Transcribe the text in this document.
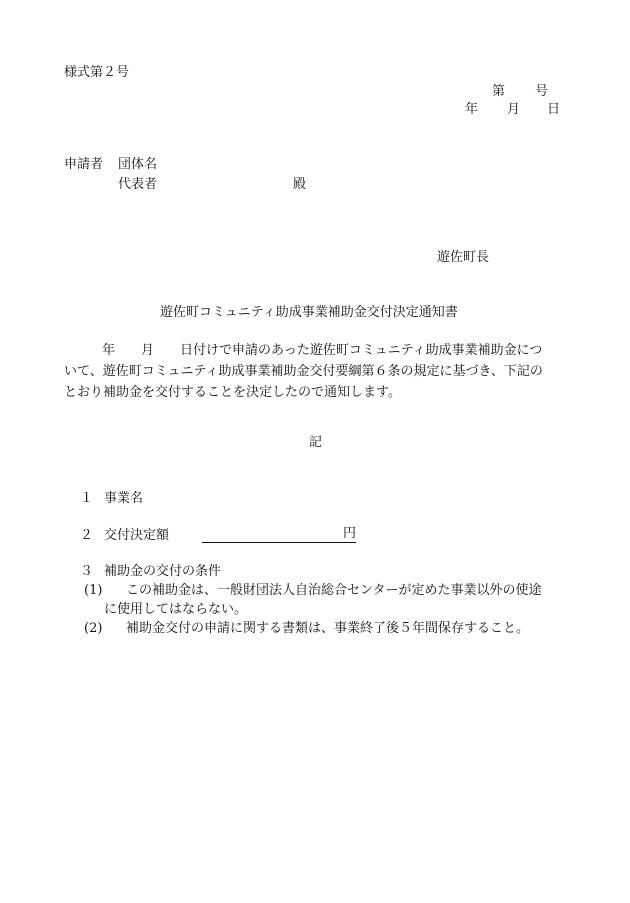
様式第２号
第 号
年 月 日
申請者 団体名
代表者	殿
遊佐町長
遊佐町コミュニティ助成事業補助金交付決定通知書
年 月 日付けで申請のあった遊佐町コミュニティ助成事業補助金につ
いて、遊佐町コミュニティ助成事業補助金交付要綱第６条の規定に基づき、下記の
とおり補助金を交付することを決定したので通知します。
記
１ 事業名
２ 交付決定額	円
３ 補助金の交付の条件
(1) この補助金は、一般財団法人自治総合センターが定めた事業以外の使途
に使用してはならない。
(2) 補助金交付の申請に関する書類は、事業終了後５年間保存すること。
